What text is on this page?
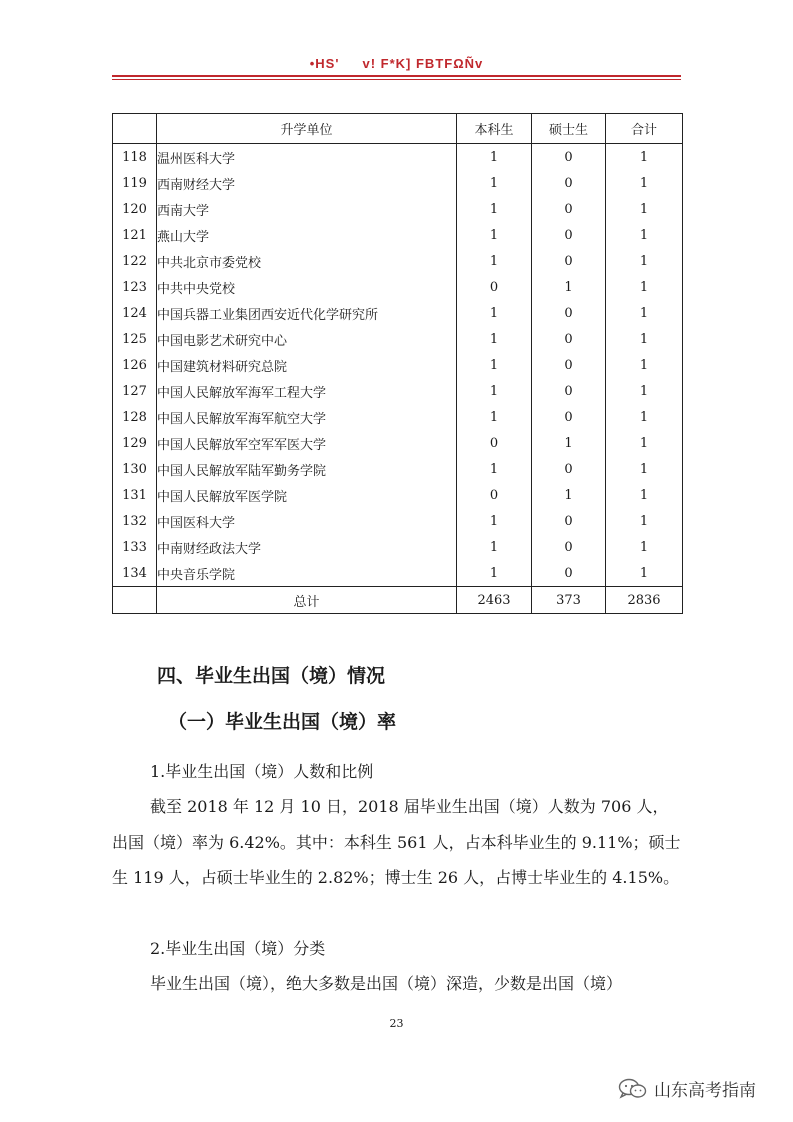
•HS'     v! F*K] FBTFΩÑv
	升学单位	本科生	硕士生	合计
118	温州医科大学	1	0	1
119	西南财经大学	1	0	1
120	西南大学	1	0	1
121	燕山大学	1	0	1
122	中共北京市委党校	1	0	1
123	中共中央党校	0	1	1
124	中国兵器工业集团西安近代化学研究所	1	0	1
125	中国电影艺术研究中心	1	0	1
126	中国建筑材料研究总院	1	0	1
127	中国人民解放军海军工程大学	1	0	1
128	中国人民解放军海军航空大学	1	0	1
129	中国人民解放军空军军医大学	0	1	1
130	中国人民解放军陆军勤务学院	1	0	1
131	中国人民解放军医学院	0	1	1
132	中国医科大学	1	0	1
133	中南财经政法大学	1	0	1
134	中央音乐学院	1	0	1
	总计	2463	373	2836
四、毕业生出国（境）情况
（一）毕业生出国（境）率

1.毕业生出国（境）人数和比例

截至 2018 年 12 月 10 日，2018 届毕业生出国（境）人数为 706 人，出国（境）率为 6.42%。其中：本科生 561 人，占本科毕业生的 9.11%；硕士生 119 人，占硕士毕业生的 2.82%；博士生 26 人，占博士毕业生的 4.15%。

2.毕业生出国（境）分类

毕业生出国（境），绝大多数是出国（境）深造，少数是出国（境）

23
山东高考指南
